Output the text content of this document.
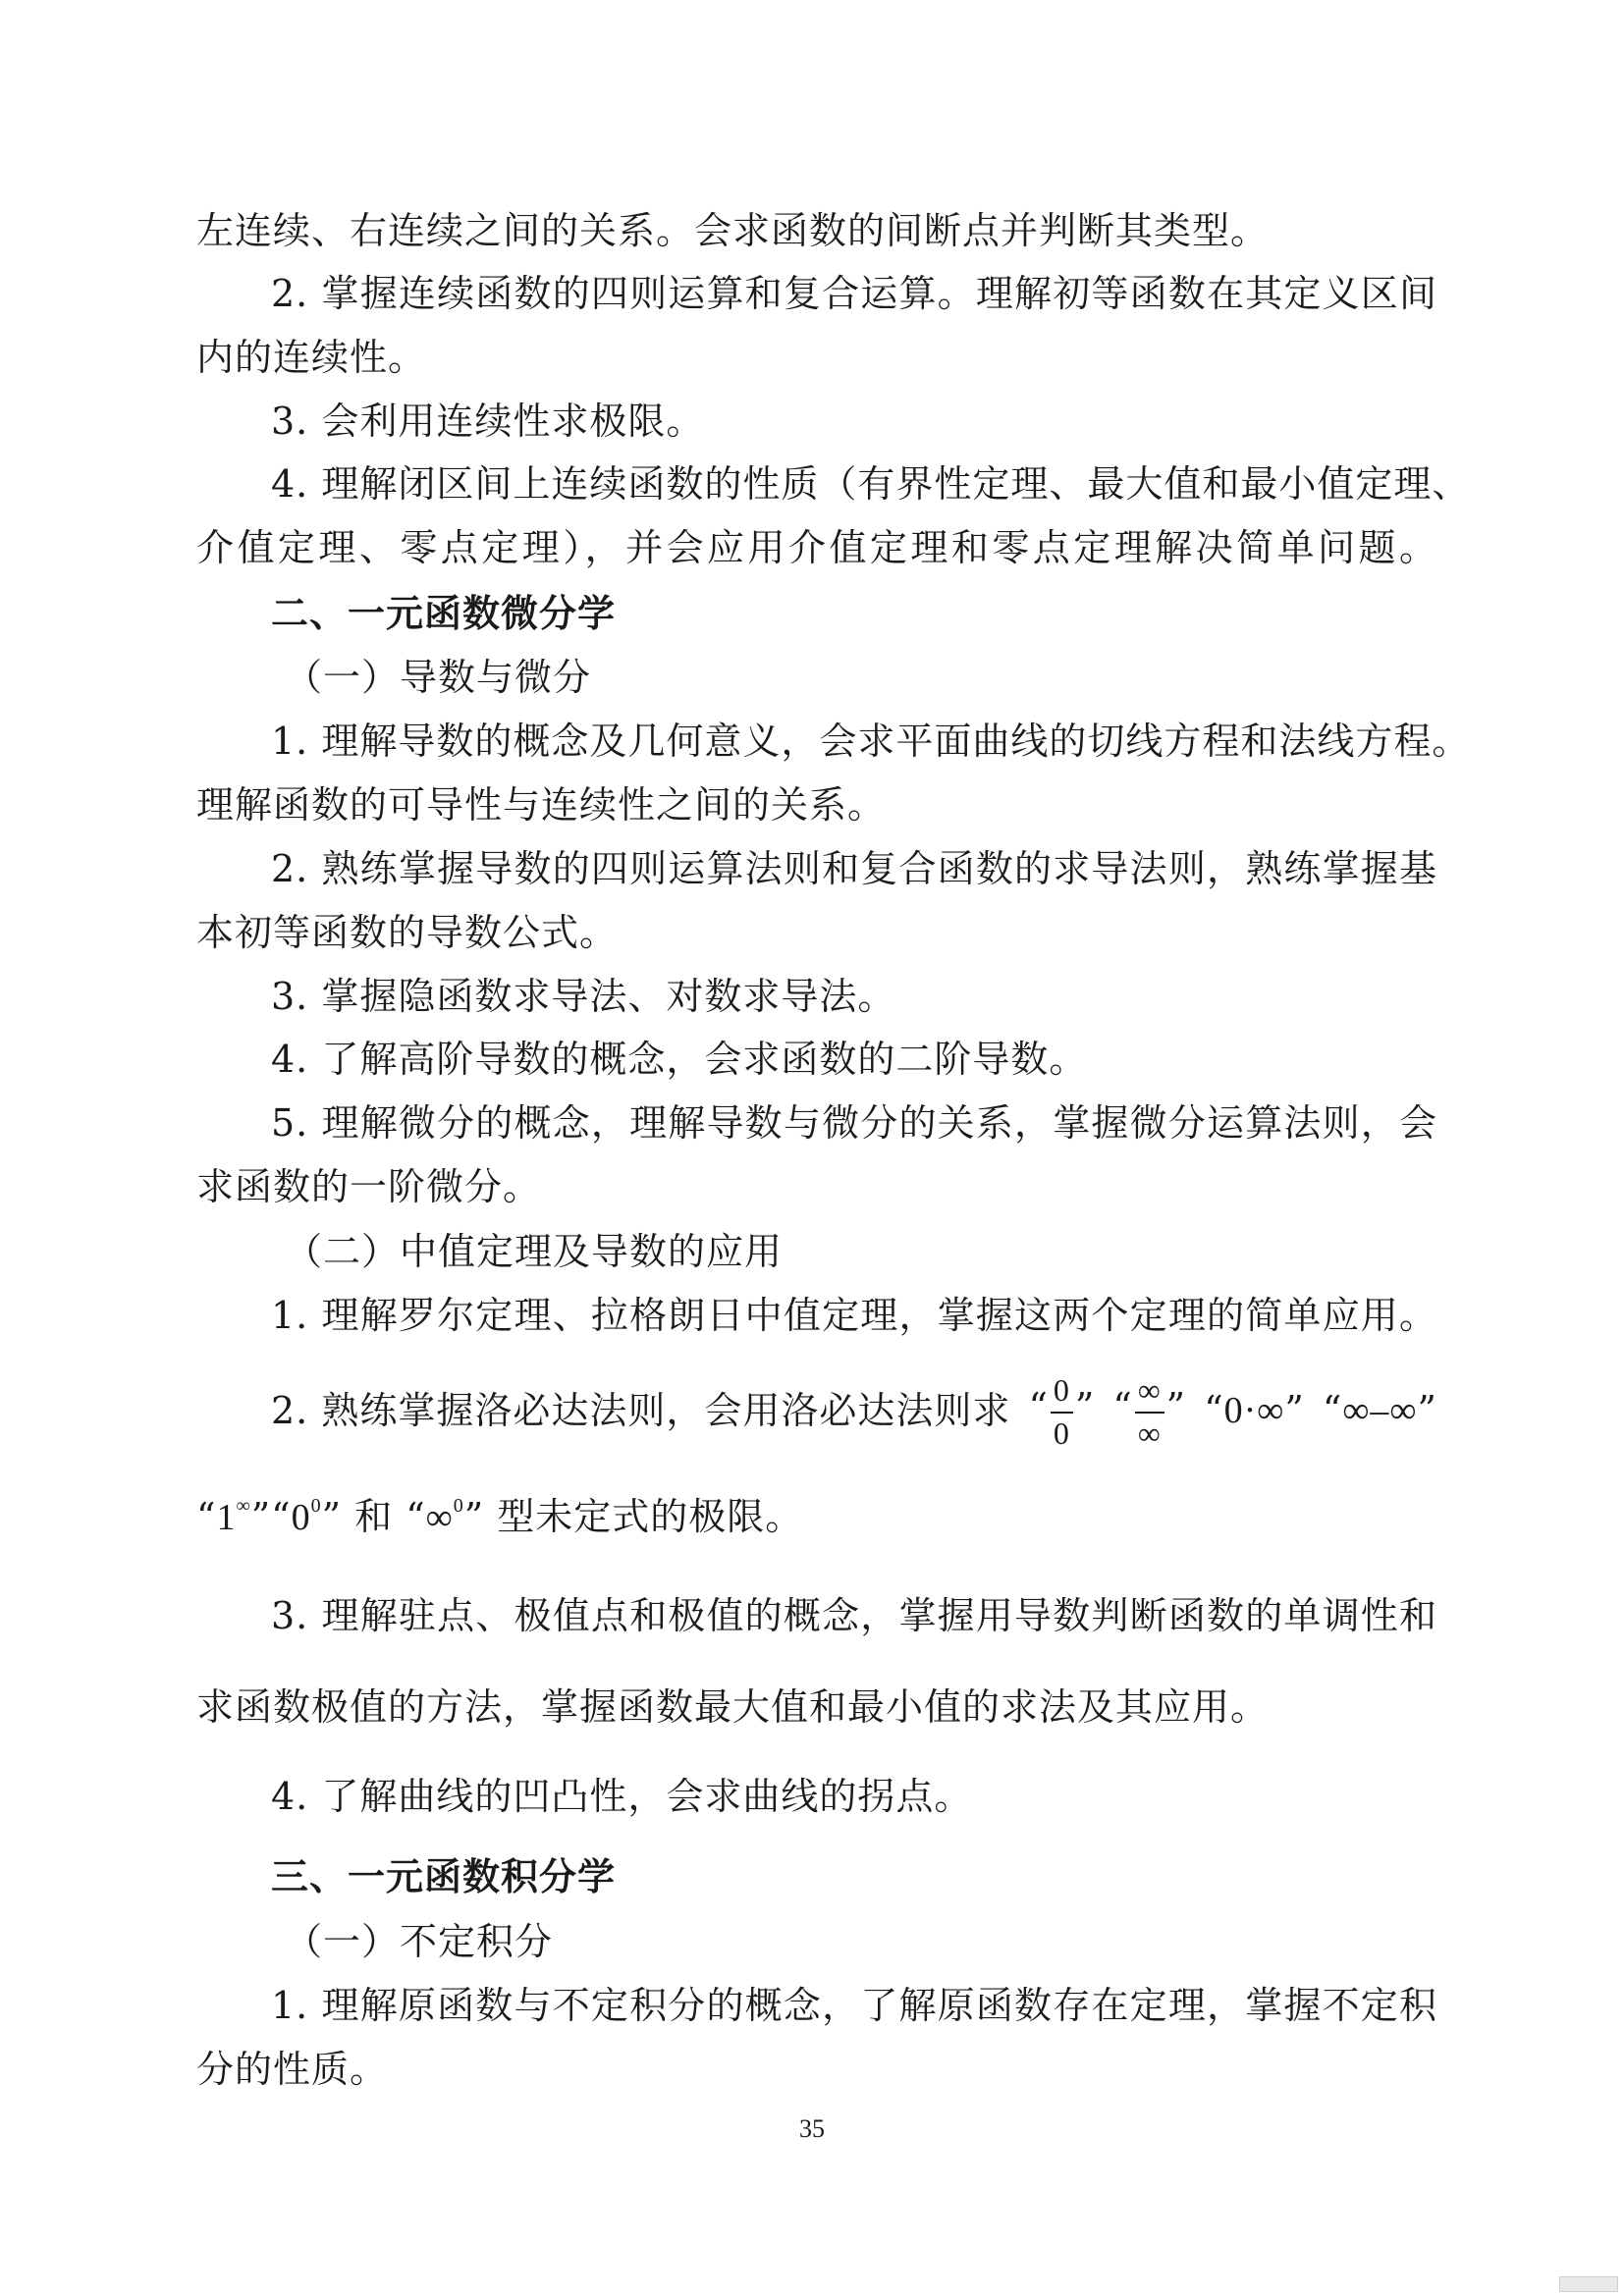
左连续、右连续之间的关系。会求函数的间断点并判断其类型。
2. 掌握连续函数的四则运算和复合运算。理解初等函数在其定义区间
内的连续性。
3. 会利用连续性求极限。
4. 理解闭区间上连续函数的性质（有界性定理、最大值和最小值定理、
介值定理、零点定理），并会应用介值定理和零点定理解决简单问题。
二、一元函数微分学
（一）导数与微分
1. 理解导数的概念及几何意义，会求平面曲线的切线方程和法线方程。
理解函数的可导性与连续性之间的关系。
2. 熟练掌握导数的四则运算法则和复合函数的求导法则，熟练掌握基
本初等函数的导数公式。
3. 掌握隐函数求导法、对数求导法。
4. 了解高阶导数的概念，会求函数的二阶导数。
5. 理解微分的概念，理解导数与微分的关系，掌握微分运算法则，会
求函数的一阶微分。
（二）中值定理及导数的应用
1. 理解罗尔定理、拉格朗日中值定理，掌握这两个定理的简单应用。
2. 熟练掌握洛必达法则，会用洛必达法则求 “ $\frac{0}{0}$ ” “ $\frac{\infty}{\infty}$ ” “0·∞” “∞–∞”
“$1^\infty”“0^0$” 和 “∞$^0$” 型未定式的极限。
3. 理解驻点、极值点和极值的概念，掌握用导数判断函数的单调性和
求函数极值的方法，掌握函数最大值和最小值的求法及其应用。
4. 了解曲线的凹凸性，会求曲线的拐点。
三、一元函数积分学
（一）不定积分
1. 理解原函数与不定积分的概念，了解原函数存在定理，掌握不定积
分的性质。
35
